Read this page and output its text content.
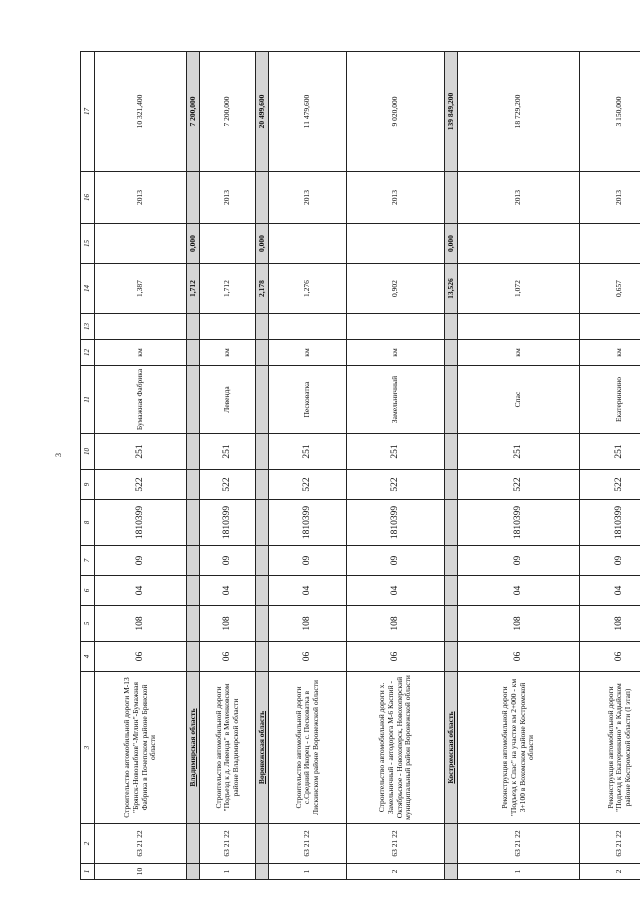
3
1	2	3	4	5	6	7	8	9	10	11	12	13	14	15	16	17
10	63 21 22	Строительство автомобильной дороги М-13 "Брянск-Новозыбков"-Мглин"-Бумажная Фабрика в Почепском районе Брянской области	06	108	04	09	1810399	522	251	Бумажная Фабрика	км		1,387		2013	10 321,400
		Владимирская область											1,712	0,000		7 200,000
1	63 21 22	Строительство автомобильной дороги "Подъезд к д. Левенда" в Меленковском районе Владимирской области	06	108	04	09	1810399	522	251	Левенда	км		1,712		2013	7 200,000
		Воронежская область											2,178	0,000		20 499,600
1	63 21 22	Строительство автомобильной дороги с.Средний Икорец - с. Песковатка в Лискинском районе Воронежской области	06	108	04	09	1810399	522	251	Песковатка	км		1,276		2013	11 479,600
2	63 21 22	Строительство автомобильной дороги х. Замельничный - автодорога М-6 Каспий - Октябрьское - Новохоперск, Новохоперский муниципальный район Воронежской области	06	108	04	09	1810399	522	251	Замельничный	км		0,902		2013	9 020,000
		Костромская область											13,526	0,000		139 849,200
1	63 21 22	Реконструкция автомобильной дороги "Подъезд к Спас" на участке км 2+000 - км 3+100 в Вохомском районе Костромской области	06	108	04	09	1810399	522	251	Спас	км		1,072		2013	18 729,200
2	63 21 22	Реконструкция автомобильной дороги "Подъезд к Екатеринкино" в Кадыйском районе Костромской области (I этап)	06	108	04	09	1810399	522	251	Екатеринкино	км		0,657		2013	3 150,000
